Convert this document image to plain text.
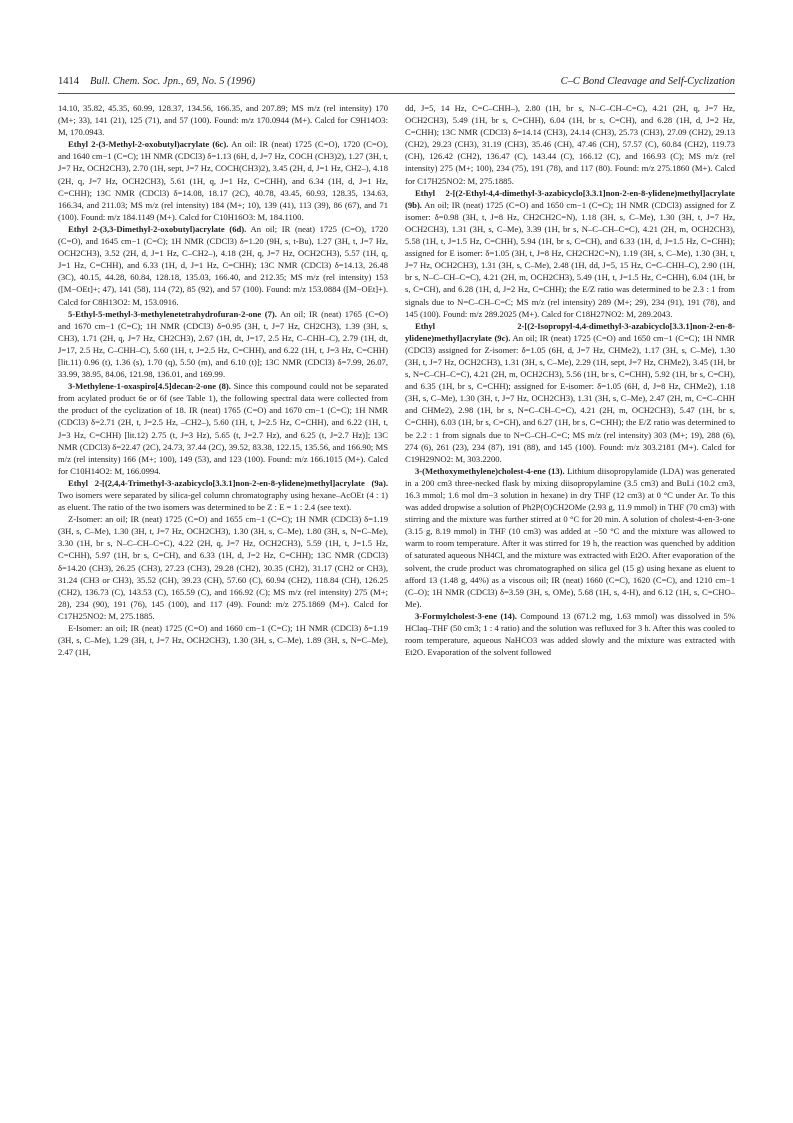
1414 Bull. Chem. Soc. Jpn., 69, No. 5 (1996)	C–C Bond Cleavage and Self-Cyclization

14.10, 35.82, 45.35, 60.99, 128.37, 134.56, 166.35, and 207.89; MS m/z (rel intensity) 170 (M+; 33), 141 (21), 125 (71), and 57 (100). Found: m/z 170.0944 (M+). Calcd for C9H14O3: M, 170.0943.

Ethyl 2-(3-Methyl-2-oxobutyl)acrylate (6c). An oil: IR (neat) 1725 (C=O), 1720 (C=O), and 1640 cm−1 (C=C); 1H NMR (CDCl3) δ=1.13 (6H, d, J=7 Hz, COCH (CH3)2), 1.27 (3H, t, J=7 Hz, OCH2CH3), 2.70 (1H, sept, J=7 Hz, COCH(CH3)2), 3.45 (2H, d, J=1 Hz, CH2–), 4.18 (2H, q, J=7 Hz, OCH2CH3), 5.61 (1H, q, J=1 Hz, C=CHH), and 6.34 (1H, d, J=1 Hz, C=CHH); 13C NMR (CDCl3) δ=14.08, 18.17 (2C), 40.78, 43.45, 60.93, 128.35, 134.63, 166.34, and 211.03; MS m/z (rel intensity) 184 (M+; 10), 139 (41), 113 (39), 86 (67), and 71 (100). Found: m/z 184.1149 (M+). Calcd for C10H16O3: M, 184.1100.

Ethyl 2-(3,3-Dimethyl-2-oxobutyl)acrylate (6d). An oil; IR (neat) 1725 (C=O), 1720 (C=O), and 1645 cm−1 (C=C); 1H NMR (CDCl3) δ=1.20 (9H, s, t-Bu), 1.27 (3H, t, J=7 Hz, OCH2CH3), 3.52 (2H, d, J=1 Hz, C–CH2–), 4.18 (2H, q, J=7 Hz, OCH2CH3), 5.57 (1H, q, J=1 Hz, C=CHH), and 6.33 (1H, d, J=1 Hz, C=CHH); 13C NMR (CDCl3) δ=14.13, 26.48 (3C), 40.15, 44.28, 60.84, 128.18, 135.03, 166.40, and 212.35; MS m/z (rel intensity) 153 ([M−OEt]+; 47), 141 (58), 114 (72), 85 (92), and 57 (100). Found: m/z 153.0884 ([M−OEt]+). Calcd for C8H13O2: M, 153.0916.

5-Ethyl-5-methyl-3-methylenetetrahydrofuran-2-one (7). An oil; IR (neat) 1765 (C=O) and 1670 cm−1 (C=C); 1H NMR (CDCl3) δ=0.95 (3H, t, J=7 Hz, CH2CH3), 1.39 (3H, s, CH3), 1.71 (2H, q, J=7 Hz, CH2CH3), 2.67 (1H, dt, J=17, 2.5 Hz, C–CHH–C), 2.79 (1H, dt, J=17, 2.5 Hz, C–CHH–C), 5.60 (1H, t, J=2.5 Hz, C=CHH), and 6.22 (1H, t, J=3 Hz, C=CHH) [lit.11) 0.96 (t), 1.36 (s), 1.70 (q), 5.50 (m), and 6.10 (t)]; 13C NMR (CDCl3) δ=7.99, 26.07, 33.99, 38.95, 84.06, 121.98, 136.01, and 169.99.

3-Methylene-1-oxaspiro[4.5]decan-2-one (8). Since this compound could not be separated from acylated product 6e or 6f (see Table 1), the following spectral data were collected from the product of the cyclization of 18. IR (neat) 1765 (C=O) and 1670 cm−1 (C=C); 1H NMR (CDCl3) δ=2.71 (2H, t, J=2.5 Hz, –CH2–), 5.60 (1H, t, J=2.5 Hz, C=CHH), and 6.22 (1H, t, J=3 Hz, C=CHH) [lit.12) 2.75 (t, J=3 Hz), 5.65 (t, J=2.7 Hz), and 6.25 (t, J=2.7 Hz)]; 13C NMR (CDCl3) δ=22.47 (2C), 24.73, 37.44 (2C), 39.52, 83.38, 122.15, 135.56, and 166.90; MS m/z (rel intensity) 166 (M+; 100), 149 (53), and 123 (100). Found: m/z 166.1015 (M+). Calcd for C10H14O2: M, 166.0994.

Ethyl 2-[(2,4,4-Trimethyl-3-azabicyclo[3.3.1]non-2-en-8-ylidene)methyl]acrylate (9a). Two isomers were separated by silica-gel column chromatography using hexane–AcOEt (4 : 1) as eluent. The ratio of the two isomers was determined to be Z : E = 1 : 2.4 (see text).

Z-Isomer: an oil; IR (neat) 1725 (C=O) and 1655 cm−1 (C=C); 1H NMR (CDCl3) δ=1.19 (3H, s, C–Me), 1.30 (3H, t, J=7 Hz, OCH2CH3), 1.30 (3H, s, C–Me), 1.80 (3H, s, N=C–Me), 3.30 (1H, br s, N–C–CH–C=C), 4.22 (2H, q, J=7 Hz, OCH2CH3), 5.59 (1H, t, J=1.5 Hz, C=CHH), 5.97 (1H, br s, C=CH), and 6.33 (1H, d, J=2 Hz, C=CHH); 13C NMR (CDCl3) δ=14.20 (CH3), 26.25 (CH3), 27.23 (CH3), 29.28 (CH2), 30.35 (CH2), 31.17 (CH2 or CH3), 31.24 (CH3 or CH3), 35.52 (CH), 39.23 (CH), 57.60 (C), 60.94 (CH2), 118.84 (CH), 126.25 (CH2), 136.73 (C), 143.53 (C), 165.59 (C), and 166.92 (C); MS m/z (rel intensity) 275 (M+; 28), 234 (90), 191 (76), 145 (100), and 117 (49). Found: m/z 275.1869 (M+). Calcd for C17H25NO2: M, 275.1885.

E-Isomer: an oil; IR (neat) 1725 (C=O) and 1660 cm−1 (C=C); 1H NMR (CDCl3) δ=1.19 (3H, s, C–Me), 1.29 (3H, t, J=7 Hz, OCH2CH3), 1.30 (3H, s, C–Me), 1.89 (3H, s, N=C–Me), 2.47 (1H,

dd, J=5, 14 Hz, C=C–CHH–), 2.80 (1H, br s, N–C–CH–C=C), 4.21 (2H, q, J=7 Hz, OCH2CH3), 5.49 (1H, br s, C=CHH), 6.04 (1H, br s, C=CH), and 6.28 (1H, d, J=2 Hz, C=CHH); 13C NMR (CDCl3) δ=14.14 (CH3), 24.14 (CH3), 25.73 (CH3), 27.09 (CH2), 29.13 (CH2), 29.23 (CH3), 31.19 (CH3), 35.46 (CH), 47.46 (CH), 57.57 (C), 60.84 (CH2), 119.73 (CH), 126.42 (CH2), 136.47 (C), 143.44 (C), 166.12 (C), and 166.93 (C); MS m/z (rel intensity) 275 (M+; 100), 234 (75), 191 (78), and 117 (80). Found: m/z 275.1860 (M+). Calcd for C17H25NO2: M, 275.1885.

Ethyl 2-[(2-Ethyl-4,4-dimethyl-3-azabicyclo[3.3.1]non-2-en-8-ylidene)methyl]acrylate (9b). An oil; IR (neat) 1725 (C=O) and 1650 cm−1 (C=C); 1H NMR (CDCl3) assigned for Z isomer: δ=0.98 (3H, t, J=8 Hz, CH2CH2C=N), 1.18 (3H, s, C–Me), 1.30 (3H, t, J=7 Hz, OCH2CH3), 1.31 (3H, s, C–Me), 3.39 (1H, br s, N–C–CH–C=C), 4.21 (2H, m, OCH2CH3), 5.58 (1H, t, J=1.5 Hz, C=CHH), 5.94 (1H, br s, C=CH), and 6.33 (1H, d, J=1.5 Hz, C=CHH); assigned for E isomer: δ=1.05 (3H, t, J=8 Hz, CH2CH2C=N), 1.19 (3H, s, C–Me), 1.30 (3H, t, J=7 Hz, OCH2CH3), 1.31 (3H, s, C–Me), 2.48 (1H, dd, J=5, 15 Hz, C=C–CHH–C), 2.90 (1H, br s, N–C–CH–C=C), 4.21 (2H, m, OCH2CH3), 5.49 (1H, t, J=1.5 Hz, C=CHH), 6.04 (1H, br s, C=CH), and 6.28 (1H, d, J=2 Hz, C=CHH); the E/Z ratio was determined to be 2.3 : 1 from signals due to N=C–CH–C=C; MS m/z (rel intensity) 289 (M+; 29), 234 (91), 191 (78), and 145 (100). Found: m/z 289.2025 (M+). Calcd for C18H27NO2: M, 289.2043.

Ethyl 2-[(2-Isopropyl-4,4-dimethyl-3-azabicyclo[3.3.1]non-2-en-8-ylidene)methyl]acrylate (9c). An oil; IR (neat) 1725 (C=O) and 1650 cm−1 (C=C); 1H NMR (CDCl3) assigned for Z-isomer: δ=1.05 (6H, d, J=7 Hz, CHMe2), 1.17 (3H, s, C–Me), 1.30 (3H, t, J=7 Hz, OCH2CH3), 1.31 (3H, s, C–Me), 2.29 (1H, sept, J=7 Hz, CHMe2), 3.45 (1H, br s, N=C–CH–C=C), 4.21 (2H, m, OCH2CH3), 5.56 (1H, br s, C=CHH), 5.92 (1H, br s, C=CH), and 6.35 (1H, br s, C=CHH); assigned for E-isomer: δ=1.05 (6H, d, J=8 Hz, CHMe2), 1.18 (3H, s, C–Me), 1.30 (3H, t, J=7 Hz, OCH2CH3), 1.31 (3H, s, C–Me), 2.47 (2H, m, C=C–CHH and CHMe2), 2.98 (1H, br s, N=C–CH–C=C), 4.21 (2H, m, OCH2CH3), 5.47 (1H, br s, C=CHH), 6.03 (1H, br s, C=CH), and 6.27 (1H, br s, C=CHH); the E/Z ratio was determined to be 2.2 : 1 from signals due to N=C–CH–C=C; MS m/z (rel intensity) 303 (M+; 19), 288 (6), 274 (6), 261 (23), 234 (87), 191 (88), and 145 (100). Found: m/z 303.2181 (M+). Calcd for C19H29NO2: M, 303.2200.

3-(Methoxymethylene)cholest-4-ene (13). Lithium diisopropylamide (LDA) was generated in a 200 cm3 three-necked flask by mixing diisopropylamine (3.5 cm3) and BuLi (10.2 cm3, 16.3 mmol; 1.6 mol dm−3 solution in hexane) in dry THF (12 cm3) at 0 °C under Ar. To this was added dropwise a solution of Ph2P(O)CH2OMe (2.93 g, 11.9 mmol) in THF (70 cm3) with stirring and the mixture was further stirred at 0 °C for 20 min. A solution of cholest-4-en-3-one (3.15 g, 8.19 mmol) in THF (10 cm3) was added at −50 °C and the mixture was allowed to warm to room temperature. After it was stirred for 19 h, the reaction was quenched by addition of saturated aqueous NH4Cl, and the mixture was extracted with Et2O. After evaporation of the solvent, the crude product was chromatographed on silica gel (15 g) using hexane as eluent to afford 13 (1.48 g, 44%) as a viscous oil; IR (neat) 1660 (C=C), 1620 (C=C), and 1210 cm−1 (C–O); 1H NMR (CDCl3) δ=3.59 (3H, s, OMe), 5.68 (1H, s, 4-H), and 6.12 (1H, s, C=CHO–Me).

3-Formylcholest-3-ene (14). Compound 13 (671.2 mg, 1.63 mmol) was dissolved in 5% HClaq–THF (50 cm3; 1 : 4 ratio) and the solution was refluxed for 3 h. After this was cooled to room temperature, aqueous NaHCO3 was added slowly and the mixture was extracted with Et2O. Evaporation of the solvent followed
